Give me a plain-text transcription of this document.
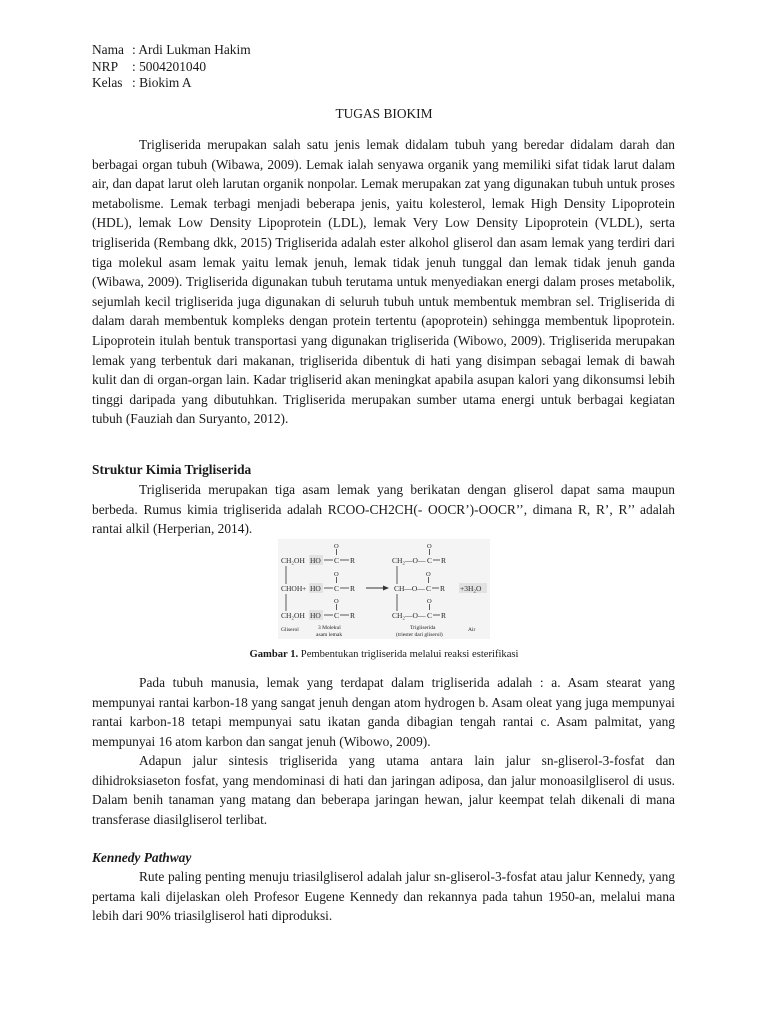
Nama : Ardi Lukman Hakim
NRP	: 5004201040
Kelas : Biokim A
TUGAS BIOKIM

Trigliserida merupakan salah satu jenis lemak didalam tubuh yang beredar didalam darah dan berbagai organ tubuh (Wibawa, 2009). Lemak ialah senyawa organik yang memiliki sifat tidak larut dalam air, dan dapat larut oleh larutan organik nonpolar. Lemak merupakan zat yang digunakan tubuh untuk proses metabolisme. Lemak terbagi menjadi beberapa jenis, yaitu kolesterol, lemak High Density Lipoprotein (HDL), lemak Low Density Lipoprotein (LDL), lemak Very Low Density Lipoprotein (VLDL), serta trigliserida (Rembang dkk, 2015) Trigliserida adalah ester alkohol gliserol dan asam lemak yang terdiri dari tiga molekul asam lemak yaitu lemak jenuh, lemak tidak jenuh tunggal dan lemak tidak jenuh ganda (Wibawa, 2009). Trigliserida digunakan tubuh terutama untuk menyediakan energi dalam proses metabolik, sejumlah kecil trigliserida juga digunakan di seluruh tubuh untuk membentuk membran sel. Trigliserida di dalam darah membentuk kompleks dengan protein tertentu (apoprotein) sehingga membentuk lipoprotein. Lipoprotein itulah bentuk transportasi yang digunakan trigliserida (Wibowo, 2009). Trigliserida merupakan lemak yang terbentuk dari makanan, trigliserida dibentuk di hati yang disimpan sebagai lemak di bawah kulit dan di organ-organ lain. Kadar trigliserid akan meningkat apabila asupan kalori yang dikonsumsi lebih tinggi daripada yang dibutuhkan. Trigliserida merupakan sumber utama energi untuk berbagai kegiatan tubuh (Fauziah dan Suryanto, 2012).

Struktur Kimia Trigliserida

Trigliserida merupakan tiga asam lemak yang berikatan dengan gliserol dapat sama maupun berbeda. Rumus kimia trigliserida adalah RCOO-CH2CH(- OOCR’)-OOCR’’, dimana R, R’, R’’ adalah rantai alkil (Herperian, 2014).

CH₂OH
CHOH
CH₂OH
HO
HO
HO
+
C R
O
C R
O
C R
O
CH₂—O—
CH—O—
CH₂—O—
C R
O
C R
O
C R
O
+3H₂O
Gliserol	3 Molekul
asam lemak
Trigliserida
(triester dari gliserol)
Air
Gambar 1. Pembentukan trigliserida melalui reaksi esterifikasi

Pada tubuh manusia, lemak yang terdapat dalam trigliserida adalah : a. Asam stearat yang mempunyai rantai karbon-18 yang sangat jenuh dengan atom hydrogen b. Asam oleat yang juga mempunyai rantai karbon-18 tetapi mempunyai satu ikatan ganda dibagian tengah rantai c. Asam palmitat, yang mempunyai 16 atom karbon dan sangat jenuh (Wibowo, 2009).

Adapun jalur sintesis trigliserida yang utama antara lain jalur sn-gliserol-3-fosfat dan dihidroksiaseton fosfat, yang mendominasi di hati dan jaringan adiposa, dan jalur monoasilgliserol di usus. Dalam benih tanaman yang matang dan beberapa jaringan hewan, jalur keempat telah dikenali di mana transferase diasilgliserol terlibat.

Kennedy Pathway

Rute paling penting menuju triasilgliserol adalah jalur sn-gliserol-3-fosfat atau jalur Kennedy, yang pertama kali dijelaskan oleh Profesor Eugene Kennedy dan rekannya pada tahun 1950-an, melalui mana lebih dari 90% triasilgliserol hati diproduksi.
